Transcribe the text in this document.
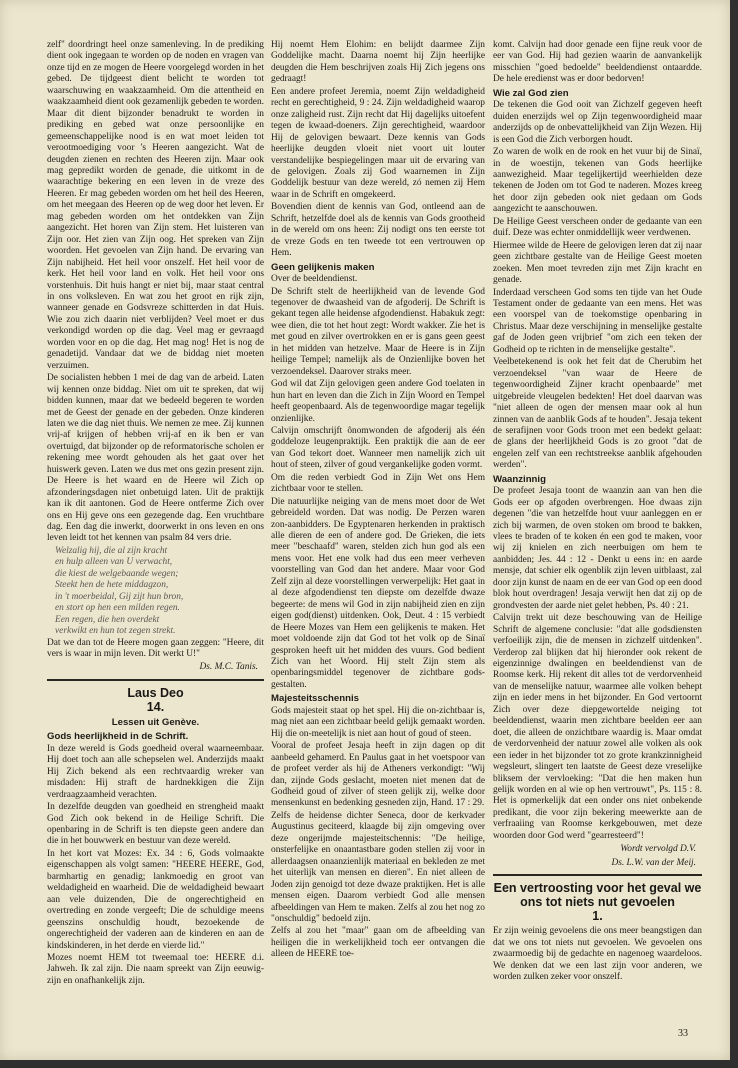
zelf" doordringt heel onze samenleving. In de prediking dient ook ingegaan te worden op de noden en vragen van onze tijd en ze mogen de Heere voorgelegd worden in het gebed. De tijdgeest dient belicht te worden tot waarschuwing en waakzaamheid. Om die attentheid en waakzaamheid dient ook gezamenlijk gebeden te worden. Maar dit dient bijzonder benadrukt te worden in prediking en gebed wat onze persoonlijke en gemeenschappelijke nood is en wat moet leiden tot verootmoediging voor 's Heeren aangezicht. Wat de deugden zienen en rechten des Heeren zijn. Maar ook mag gepredikt worden de genade, die uitkomt in de waarachtige bekering en een leven in de vreze des Heeren. Er mag gebeden worden om het heil des Heeren, om het meegaan des Heeren op de weg door het leven. Er mag gebeden worden om het ontdekken van Zijn aangezicht. Het horen van Zijn stem. Het luisteren van Zijn oor. Het zien van Zijn oog. Het spreken van Zijn woorden. Het gevoelen van Zijn hand. De ervaring van Zijn nabijheid. Het heil voor onszelf. Het heil voor de kerk. Het heil voor land en volk. Het heil voor ons vorstenhuis. Dit huis hangt er niet bij, maar staat central in ons volksleven. En wat zou het groot en rijk zijn, wanneer genade en Godsvreze schitterden in dat Huis. Wie zou zich daarin niet verblijden? Veel moet er dus verkondigd worden op die dag. Veel mag er gevraagd worden voor en op die dag. Het mag nog! Het is nog de genadetijd. Vandaar dat we de biddag niet moeten verzuimen.

De socialisten hebben 1 mei de dag van de arbeid. Laten wij kennen onze biddag. Niet om uit te spreken, dat wij bidden kunnen, maar dat we bedeeld begeren te worden met de Geest der genade en der gebeden. Onze kinderen laten we die dag niet thuis. We nemen ze mee. Zij kunnen vrij-af krijgen of hebben vrij-af en ik ben er van overtuigd, dat bijzonder op de reformatorische scholen er rekening mee wordt gehouden als het gaat over het huiswerk geven. Laten we dus met ons gezin present zijn. De Heere is het waard en de Heere wil Zich op afzonderingsdagen niet onbetuigd laten. Uit de praktijk kan ik dit aantonen. God de Heere ontferme Zich over ons en Hij geve ons een gezegende dag. Een vruchtbare dag. Een dag die inwerkt, doorwerkt in ons leven en ons leven leidt tot het kennen van psalm 84 vers drie.

Welzalig hij, die al zijn kracht
en hulp alleen van U verwacht,
die kiest de welgebaande wegen;
Steekt hen de hete middagzon,
in 't moerbeidal, Gij zijt hun bron,
en stort op hen een milden regen.
Een regen, die hen overdekt
verkwikt en hun tot zegen strekt.

Dat we dan tot de Heere mogen gaan zeggen: "Heere, dit vers is waar in mijn leven. Dit werkt U!"

Ds. M.C. Tanis.

Laus Deo
14.

Lessen uit Genève.

Gods heerlijkheid in de Schrift.

In deze wereld is Gods goedheid overal waarneembaar. Hij doet toch aan alle schepselen wel. Anderzijds maakt Hij Zich bekend als een rechtvaardig wreker van misdaden: Hij straft de hardnekkigen die Zijn verdraagzaamheid verachten.

In dezelfde deugden van goedheid en strengheid maakt God Zich ook bekend in de Heilige Schrift. Die openbaring in de Schrift is ten diepste geen andere dan die in het bouwwerk en bestuur van deze wereld.

In het kort vat Mozes: Ex. 34 : 6, Gods volmaakte eigenschappen als volgt samen: "HEERE HEERE, God, barmhartig en genadig; lankmoedig en groot van weldadigheid en waarheid. Die de weldadigheid bewaart aan vele duizenden, Die de ongerechtigheid en overtreding en zonde vergeeft; Die de schuldige meens geenszins onschuldig houdt, bezoekende de ongerechtigheid der vaderen aan de kinderen en aan de kindskinderen, in het derde en vierde lid."

Mozes noemt HEM tot tweemaal toe: HEERE d.i. Jahweh. Ik zal zijn. Die naam spreekt van Zijn eeuwig-zijn en onafhankelijk zijn.

Hij noemt Hem Elohim: en belijdt daarmee Zijn Goddelijke macht. Daarna noemt hij Zijn heerlijke deugden die Hem beschrijven zoals Hij Zich jegens ons gedraagt!

Een andere profeet Jeremia, noemt Zijn weldadigheid recht en gerechtigheid, 9 : 24. Zijn weldadigheid waarop onze zaligheid rust. Zijn recht dat Hij dagelijks uitoefent tegen de kwaad-doeners. Zijn gerechtigheid, waardoor Hij de gelovigen bewaart. Deze kennis van Gods heerlijke deugden vloeit niet voort uit louter verstandelijke bespiegelingen maar uit de ervaring van de gelovigen. Zoals zij God waarnemen in Zijn Goddelijk bestuur van deze wereld, zó nemen zij Hem waar in de Schrift en omgekeerd.

Bovendien dient de kennis van God, ontleend aan de Schrift, hetzelfde doel als de kennis van Gods grootheid in de wereld om ons heen: Zij nodigt ons ten eerste tot de vreze Gods en ten tweede tot een vertrouwen op Hem.

Geen gelijkenis maken

Over de beeldendienst.

De Schrift stelt de heerlijkheid van de levende God tegenover de dwaasheid van de afgoderij. De Schrift is gekant tegen alle heidense afgodendienst. Habakuk zegt: wee dien, die tot het hout zegt: Wordt wakker. Zie het is met goud en zilver overtrokken en er is gans geen geest in het midden van hetzelve. Maar de Heere is in Zijn heilige Tempel; namelijk als de Onzienlijke boven het verzoendeksel. Daarover straks meer.

God wil dat Zijn gelovigen geen andere God toelaten in hun hart en leven dan die Zich in Zijn Woord en Tempel heeft geopenbaard. Als de tegenwoordige magar tegelijk onzienlijke.

Calvijn omschrijft ônomwonden de afgoderij als één goddeloze leugenpraktijk. Een praktijk die aan de eer van God tekort doet. Wanneer men namelijk zich uit hout of steen, zilver of goud vergankelijke goden vormt.

Om die reden verbiedt God in Zijn Wet ons Hem zichtbaar voor te stellen.

Die natuurlijke neiging van de mens moet door de Wet gebreideld worden. Dat was nodig. De Perzen waren zon-aanbidders. De Egyptenaren herkenden in praktisch alle dieren de een of andere god. De Grieken, die iets meer "beschaafd" waren, stelden zich hun god als een mens voor. Het ene volk had dus een meer verheven voorstelling van God dan het andere. Maar voor God Zelf zijn al deze voorstellingen verwerpelijk: Het gaat in al deze afgodendienst ten diepste om dezelfde dwaze begeerte: de mens wil God in zijn nabijheid zien en zijn eigen god(dienst) uitdenken. Ook, Deut. 4 : 15 verbiedt de Heere Mozes van Hem een gelijkenis te maken. Het moet voldoende zijn dat God tot het volk op de Sinaï gesproken heeft uit het midden des vuurs. God bedient Zich van het Woord. Hij stelt Zijn stem als openbaringsmiddel tegenover de zichtbare gods-gestalten.

Majesteitsschennis

Gods majesteit staat op het spel. Hij die on-zichtbaar is, mag niet aan een zichtbaar beeld gelijk gemaakt worden. Hij die on-meetelijk is niet aan hout of goud of steen.

Vooral de profeet Jesaja heeft in zijn dagen op dit aanbeeld gehamerd. En Paulus gaat in het voetspoor van de profeet verder als hij de Atheners verkondigt: "Wij dan, zijnde Gods geslacht, moeten niet menen dat de Godheid goud of zilver of steen gelijk zij, welke door mensenkunst en bedenking gesneden zijn, Hand. 17 : 29.

Zelfs de heidense dichter Seneca, door de kerkvader Augustinus geciteerd, klaagde bij zijn omgeving over deze ongerijmde majesteitschennis: "De heilige, onsterfelijke en onaantastbare goden stellen zij voor in allerdaagsen onaanzienlijk materiaal en bekleden ze met het uiterlijk van mensen en dieren". En niet alleen de Joden zijn genoigd tot deze dwaze praktijken. Het is alle mensen eigen. Daarom verbiedt God alle mensen afbeeldingen van Hem te maken. Zelfs al zou het nog zo "onschuldig" bedoeld zijn.

Zelfs al zou het "maar" gaan om de afbeelding van heiligen die in werkelijkheid toch eer ontvangen die alleen de HEERE toe-

komt. Calvijn had door genade een fijne reuk voor de eer van God. Hij had gezien waarin de aanvankelijk misschien "goed bedoelde" beeldendienst ontaardde. De hele eredienst was er door bedorven!

Wie zal God zien

De tekenen die God ooit van Zichzelf gegeven heeft duiden enerzijds wel op Zijn tegenwoordigheid maar anderzijds op de onbevattelijkheid van Zijn Wezen. Hij is een God die Zich verborgen houdt.

Zo waren de wolk en de rook en het vuur bij de Sinaï, in de woestijn, tekenen van Gods heerlijke aanwezigheid. Maar tegelijkertijd weerhielden deze tekenen de Joden om tot God te naderen. Mozes kreeg het door zijn gebeden ook niet gedaan om Gods aangezicht te aanschouwen.

De Heilige Geest verscheen onder de gedaante van een duif. Deze was echter onmiddellijk weer verdwenen.

Hiermee wilde de Heere de gelovigen leren dat zij naar geen zichtbare gestalte van de Heilige Geest moeten zoeken. Men moet tevreden zijn met Zijn kracht en genade.

Inderdaad verscheen God soms ten tijde van het Oude Testament onder de gedaante van een mens. Het was een voorspel van de toekomstige openbaring in Christus. Maar deze verschijning in menselijke gestalte gaf de Joden geen vrijbrief "om zich een teken der Godheid op te richten in de menselijke gestalte".

Veelbetekenend is ook het feit dat de Cherubim het verzoendeksel "van waar de Heere de tegenwoordigheid Zijner kracht openbaarde" met uitgebreide vleugelen bedekten! Het doel daarvan was "niet alleen de ogen der mensen maar ook al hun zinnen van de aanblik Gods af te houden". Jesaja tekent de serafijnen voor Gods troon met een bedekt gelaat: de glans der heerlijkheid Gods is zo groot "dat de engelen zelf van een rechtstreekse aanblik afgehouden werden".

Waanzinnig

De profeet Jesaja toont de waanzin aan van hen die Gods eer op afgoden overbrengen. Hoe dwaas zijn degenen "die van hetzelfde hout vuur aanleggen en er zich bij warmen, de oven stoken om brood te bakken, vlees te braden of te koken én een god te maken, voor wij zij knielen en zich neerbuigen om hem te aanbidden; Jes. 44 : 12 - Denkt u eens in: en aarde mensje, dat schier elk ogenblik zijn leven uitblaast, zal door zijn kunst de naam en de eer van God op een dood blok hout overdragen! Jesaja verwijt hen dat zij op de grondvesten der aarde niet gelet hebben, Ps. 40 : 21.

Calvijn trekt uit deze beschouwing van de Heilige Schrift de algemene conclusie: "dat alle godsdiensten verfoeilijk zijn, die de mensen in zichzelf uitdenken". Verderop zal blijken dat hij hieronder ook rekent de eigenzinnige dwalingen en beeldendienst van de Roomse kerk. Hij rekent dit alles tot de verdorvenheid van de menselijke natuur, waarmee alle volken behept zijn en ieder mens in het bijzonder. En God vertoornt Zich over deze diepgewortelde neiging tot beeldendienst, waarin men zichtbare beelden eer aan doet, die alleen de onzichtbare waardig is. Maar omdat de verdorvenheid der natuur zowel alle volken als ook een ieder in het bijzonder tot zo grote krankzinnigheid wegsleurt, slingert ten laatste de Geest deze vreselijke bliksem der vervloeking: "Dat die hen maken hun gelijk worden en al wie op hen vertrouwt", Ps. 115 : 8. Het is opmerkelijk dat een onder ons niet onbekende predikant, die voor zijn bekering meewerkte aan de verfraaiing van Roomse kerkgebouwen, met deze woorden door God werd "gearresteerd"!

Wordt vervolgd D.V.

Ds. L.W. van der Meij.

Een vertroosting voor het geval we ons tot niets nut gevoelen
1.

Er zijn weinig gevoelens die ons meer beangstigen dan dat we ons tot niets nut gevoelen. We gevoelen ons zwaarmoedig bij de gedachte en nagenoeg waardeloos. We denken dat we een last zijn voor anderen, we worden zulken zeker voor onszelf.

33
